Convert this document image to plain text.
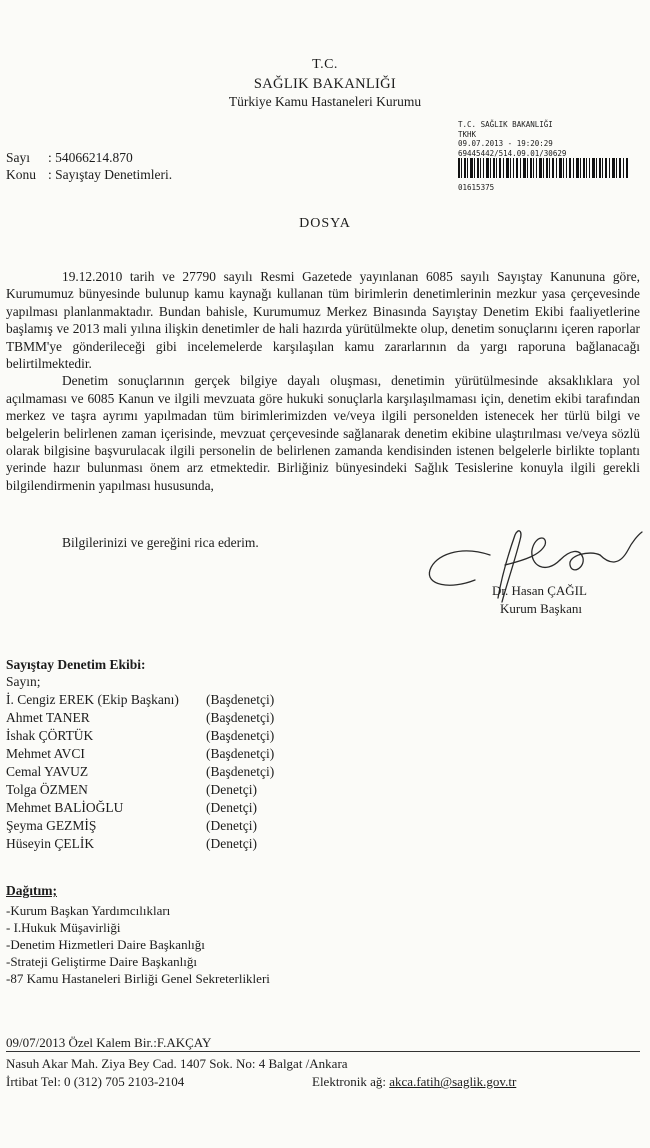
T.C.
SAĞLIK BAKANLIĞI
Türkiye Kamu Hastaneleri Kurumu
Sayı : 54066214.870
Konu : Sayıştay Denetimleri.
T.C. SAĞLIK BAKANLIĞI
TKHK
09.07.2013 - 19:20:29
69445442/514.09.01/30629
01615375
DOSYA

19.12.2010 tarih ve 27790 sayılı Resmi Gazetede yayınlanan 6085 sayılı Sayıştay Kanununa göre, Kurumumuz bünyesinde bulunup kamu kaynağı kullanan tüm birimlerin denetimlerinin mezkur yasa çerçevesinde yapılması planlanmaktadır. Bundan bahisle, Kurumumuz Merkez Binasında Sayıştay Denetim Ekibi faaliyetlerine başlamış ve 2013 mali yılına ilişkin denetimler de hali hazırda yürütülmekte olup, denetim sonuçlarını içeren raporlar TBMM'ye gönderileceği gibi incelemelerde karşılaşılan kamu zararlarının da yargı raporuna bağlanacağı belirtilmektedir.

Denetim sonuçlarının gerçek bilgiye dayalı oluşması, denetimin yürütülmesinde aksaklıklara yol açılmaması ve 6085 Kanun ve ilgili mevzuata göre hukuki sonuçlarla karşılaşılmaması için, denetim ekibi tarafından merkez ve taşra ayrımı yapılmadan tüm birimlerimizden ve/veya ilgili personelden istenecek her türlü bilgi ve belgelerin belirlenen zaman içerisinde, mevzuat çerçevesinde sağlanarak denetim ekibine ulaştırılması ve/veya sözlü olarak bilgisine başvurulacak ilgili personelin de belirlenen zamanda kendisinden istenen belgelerle birlikte toplantı yerinde hazır bulunması önem arz etmektedir. Birliğiniz bünyesindeki Sağlık Tesislerine konuyla ilgili gerekli bilgilendirmenin yapılması hususunda,

Bilgilerinizi ve gereğini rica ederim.
Dr. Hasan ÇAĞIL
Kurum Başkanı
Sayıştay Denetim Ekibi:
Sayın;
İ. Cengiz EREK (Ekip Başkanı) (Başdenetçi)
Ahmet TANER	(Başdenetçi)
İshak ÇÖRTÜK	(Başdenetçi)
Mehmet AVCI	(Başdenetçi)
Cemal YAVUZ	(Başdenetçi)
Tolga ÖZMEN	(Denetçi)
Mehmet BALİOĞLU	(Denetçi)
Şeyma GEZMİŞ	(Denetçi)
Hüseyin ÇELİK	(Denetçi)
Dağıtım;
-Kurum Başkan Yardımcılıkları
- I.Hukuk Müşavirliği
-Denetim Hizmetleri Daire Başkanlığı
-Strateji Geliştirme Daire Başkanlığı
-87 Kamu Hastaneleri Birliği Genel Sekreterlikleri
09/07/2013 Özel Kalem Bir.:F.AKÇAY
Nasuh Akar Mah. Ziya Bey Cad. 1407 Sok. No: 4 Balgat /Ankara
İrtibat Tel: 0 (312) 705 2103-2104	Elektronik ağ: akca.fatih@saglik.gov.tr
